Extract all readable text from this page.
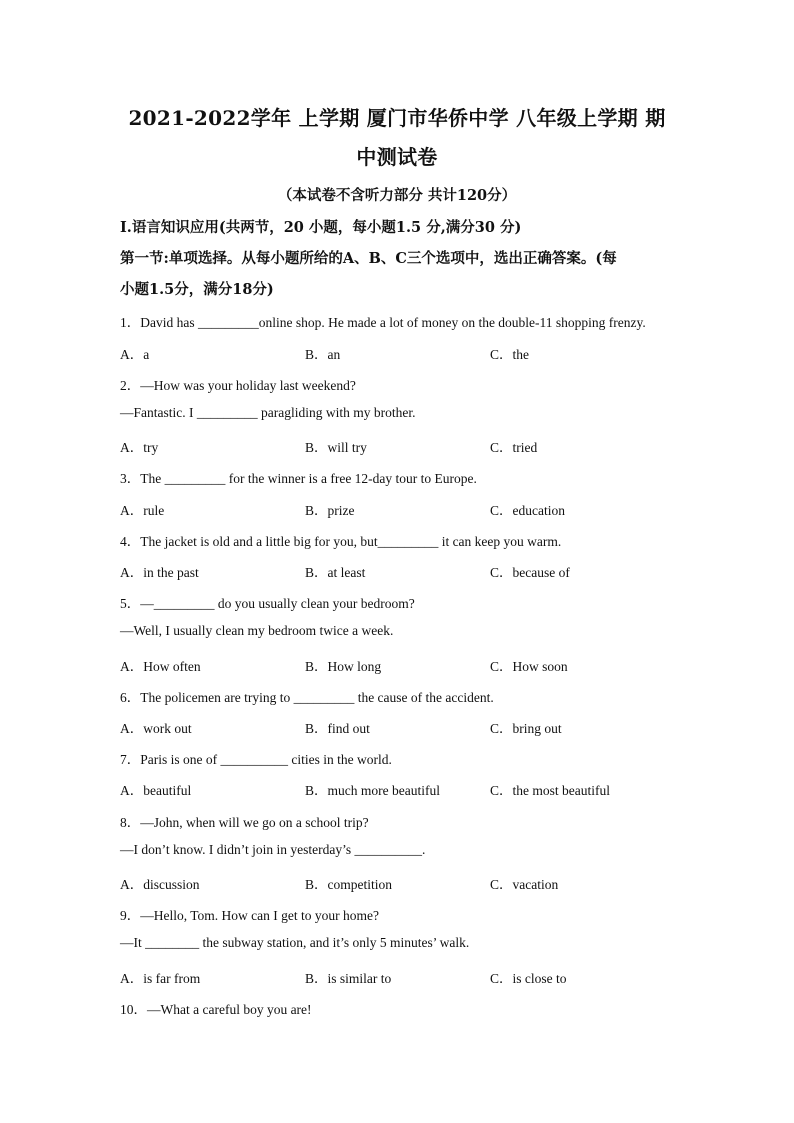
2021-2022学年 上学期 厦门市华侨中学 八年级上学期 期
中测试卷
（本试卷不含听力部分 共计120分）
I.语言知识应用(共两节，20 小题，每小题1.5 分,满分30 分)
第一节:单项选择。从每小题所给的A、B、C三个选项中，选出正确答案。(每
小题1.5分，满分18分)
1．David has _________online shop. He made a lot of money on the double-11 shopping frenzy.
A．a	B．an	C．the
2．—How was your holiday last weekend?
—Fantastic. I _________ paragliding with my brother.
A．try	B．will try	C．tried
3．The _________ for the winner is a free 12-day tour to Europe.
A．rule	B．prize	C．education
4．The jacket is old and a little big for you, but_________ it can keep you warm.
A．in the past	B．at least	C．because of
5．—_________ do you usually clean your bedroom?
—Well, I usually clean my bedroom twice a week.
A．How often	B．How long	C．How soon
6．The policemen are trying to _________ the cause of the accident.
A．work out	B．find out	C．bring out
7．Paris is one of __________ cities in the world.
A．beautiful	B．much more beautiful	C．the most beautiful
8．—John, when will we go on a school trip?
—I don’t know. I didn’t join in yesterday’s __________.
A．discussion	B．competition	C．vacation
9．—Hello, Tom. How can I get to your home?
—It ________ the subway station, and it’s only 5 minutes’ walk.
A．is far from	B．is similar to	C．is close to
10．—What a careful boy you are!
